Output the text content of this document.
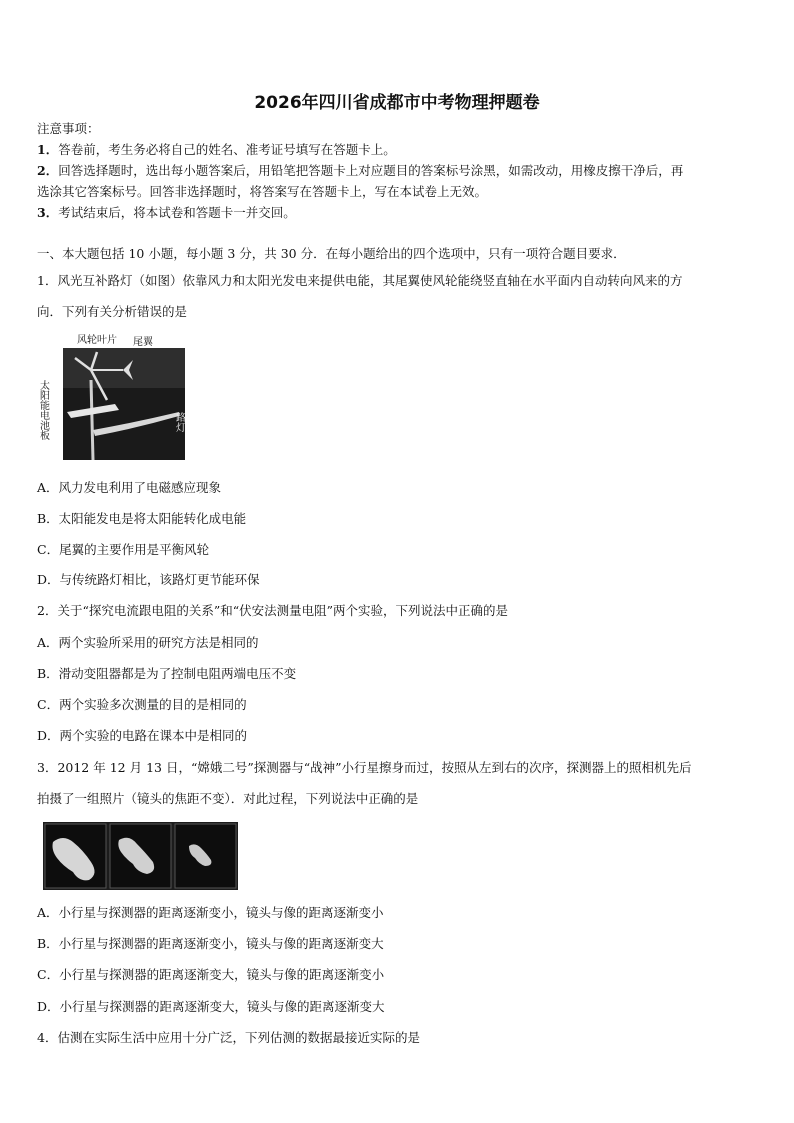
2026年四川省成都市中考物理押题卷
注意事项：
1．答卷前，考生务必将自己的姓名、准考证号填写在答题卡上。
2．回答选择题时，选出每小题答案后，用铅笔把答题卡上对应题目的答案标号涂黑，如需改动，用橡皮擦干净后，再
选涂其它答案标号。回答非选择题时，将答案写在答题卡上，写在本试卷上无效。
3．考试结束后，将本试卷和答题卡一并交回。
一、本大题包括 10 小题，每小题 3 分，共 30 分．在每小题给出的四个选项中，只有一项符合题目要求．
1．风光互补路灯（如图）依靠风力和太阳光发电来提供电能，其尾翼使风轮能绕竖直轴在水平面内自动转向风来的方
向．下列有关分析错误的是
风轮叶片 尾翼
路灯
太阳能电池板
A．风力发电利用了电磁感应现象
B．太阳能发电是将太阳能转化成电能
C．尾翼的主要作用是平衡风轮
D．与传统路灯相比，该路灯更节能环保
2．关于“探究电流跟电阻的关系”和“伏安法测量电阻”两个实验，下列说法中正确的是
A．两个实验所采用的研究方法是相同的
B．滑动变阻器都是为了控制电阻两端电压不变
C．两个实验多次测量的目的是相同的
D．两个实验的电路在课本中是相同的
3．2012 年 12 月 13 日，“嫦娥二号”探测器与“战神”小行星擦身而过，按照从左到右的次序，探测器上的照相机先后
拍摄了一组照片（镜头的焦距不变）．对此过程，下列说法中正确的是
A．小行星与探测器的距离逐渐变小，镜头与像的距离逐渐变小
B．小行星与探测器的距离逐渐变小，镜头与像的距离逐渐变大
C．小行星与探测器的距离逐渐变大，镜头与像的距离逐渐变小
D．小行星与探测器的距离逐渐变大，镜头与像的距离逐渐变大
4．估测在实际生活中应用十分广泛，下列估测的数据最接近实际的是
